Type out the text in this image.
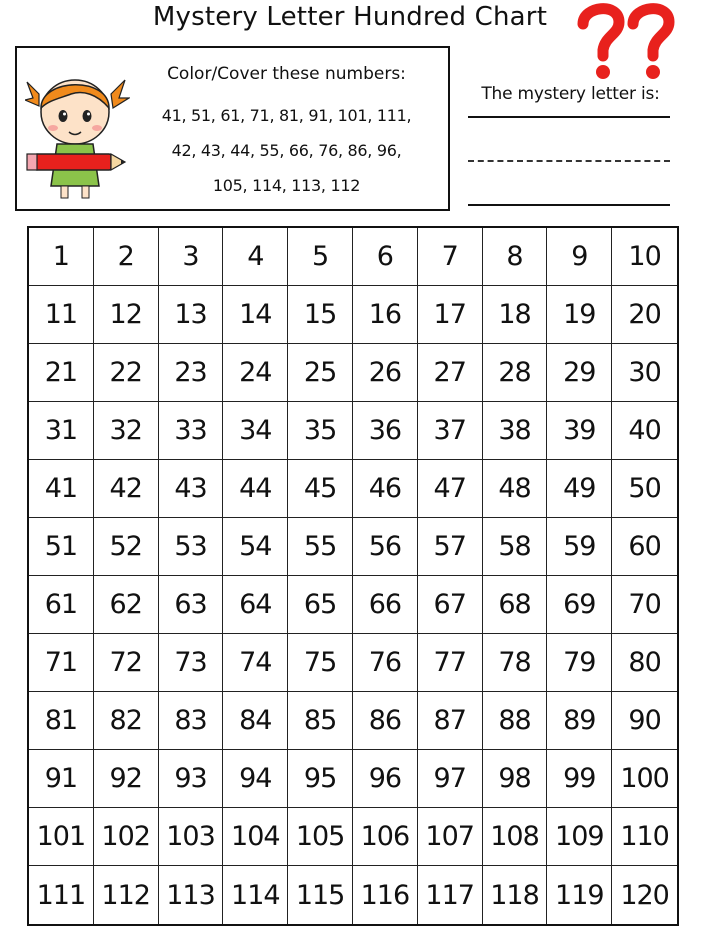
Mystery Letter Hundred Chart
Color/Cover these numbers:
41, 51, 61, 71, 81, 91, 101, 111,
42, 43, 44, 55, 66, 76, 86, 96,
105, 114, 113, 112
The mystery letter is:
1	2	3	4	5	6	7	8	9	10
11	12	13	14	15	16	17	18	19	20
21	22	23	24	25	26	27	28	29	30
31	32	33	34	35	36	37	38	39	40
41	42	43	44	45	46	47	48	49	50
51	52	53	54	55	56	57	58	59	60
61	62	63	64	65	66	67	68	69	70
71	72	73	74	75	76	77	78	79	80
81	82	83	84	85	86	87	88	89	90
91	92	93	94	95	96	97	98	99 100
101 102 103 104 105 106 107 108 109 110
111 112 113 114 115 116 117 118 119 120
